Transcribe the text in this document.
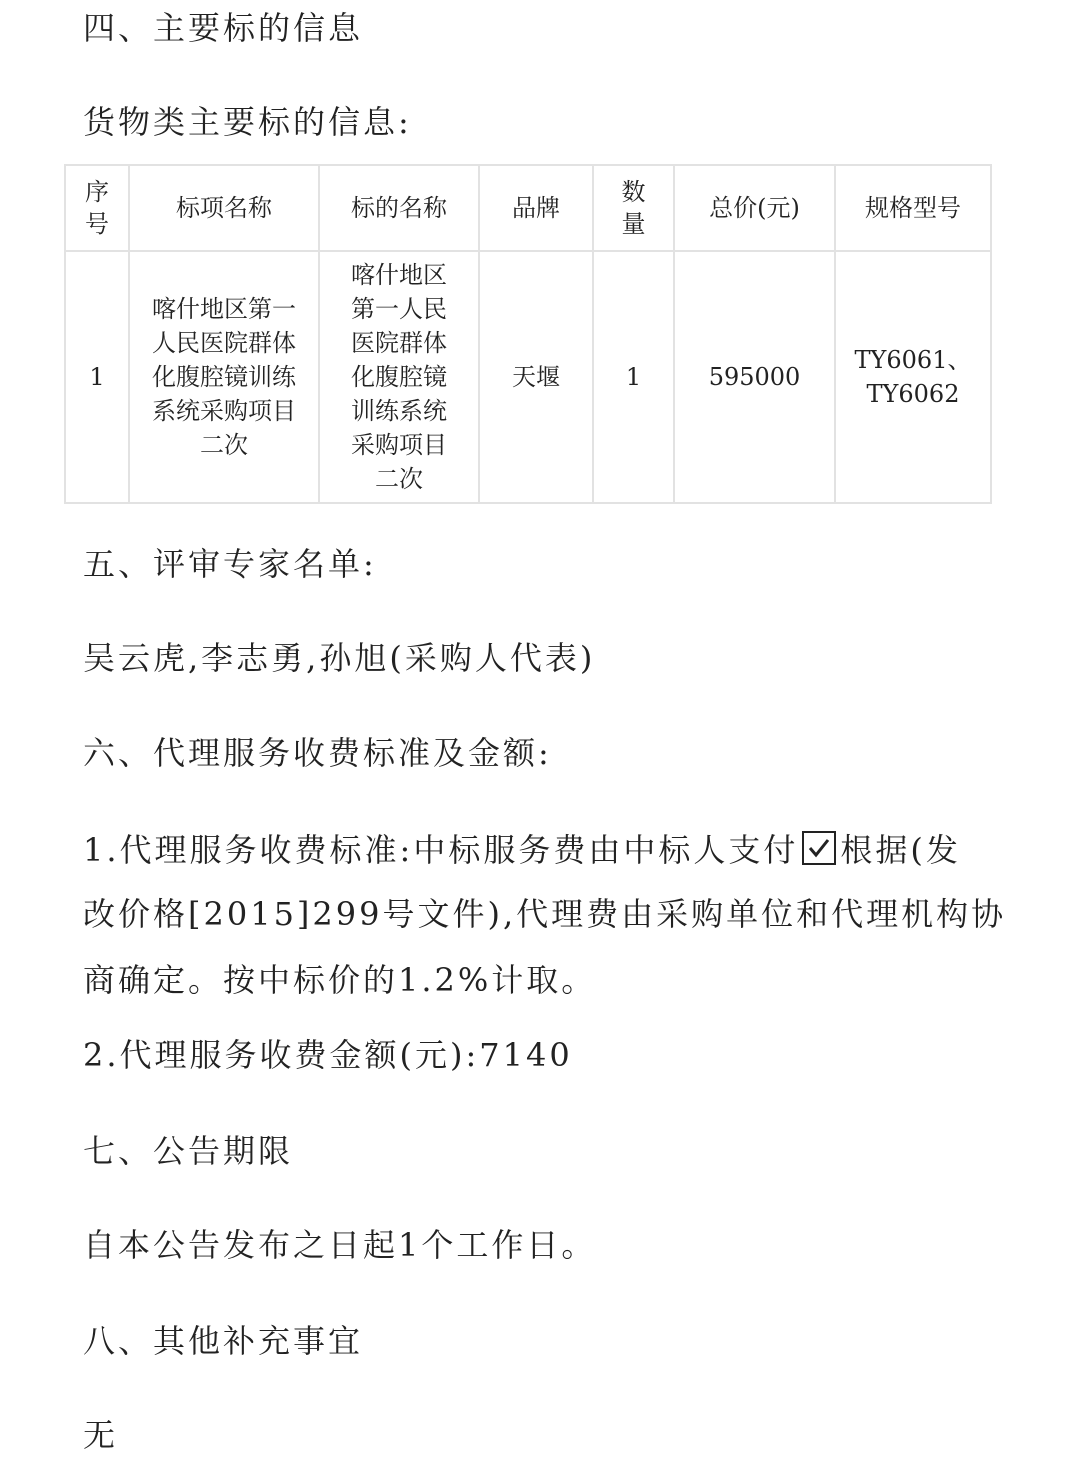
四、主要标的信息
货物类主要标的信息:
序号	标项名称	标的名称	品牌	数量	总价(元)	规格型号
1	喀什地区第一人民医院群体化腹腔镜训练系统采购项目二次	喀什地区第一人民医院群体化腹腔镜训练系统采购项目二次	天堰	1	595000	TY6061、TY6062
五、评审专家名单:
吴云虎,李志勇,孙旭(采购人代表)
六、代理服务收费标准及金额:
1.代理服务收费标准:中标服务费由中标人支付 根据(发
改价格[2015]299号文件),代理费由采购单位和代理机构协
商确定。按中标价的1.2%计取。
2.代理服务收费金额(元):7140
七、公告期限
自本公告发布之日起1个工作日。
八、其他补充事宜
无
